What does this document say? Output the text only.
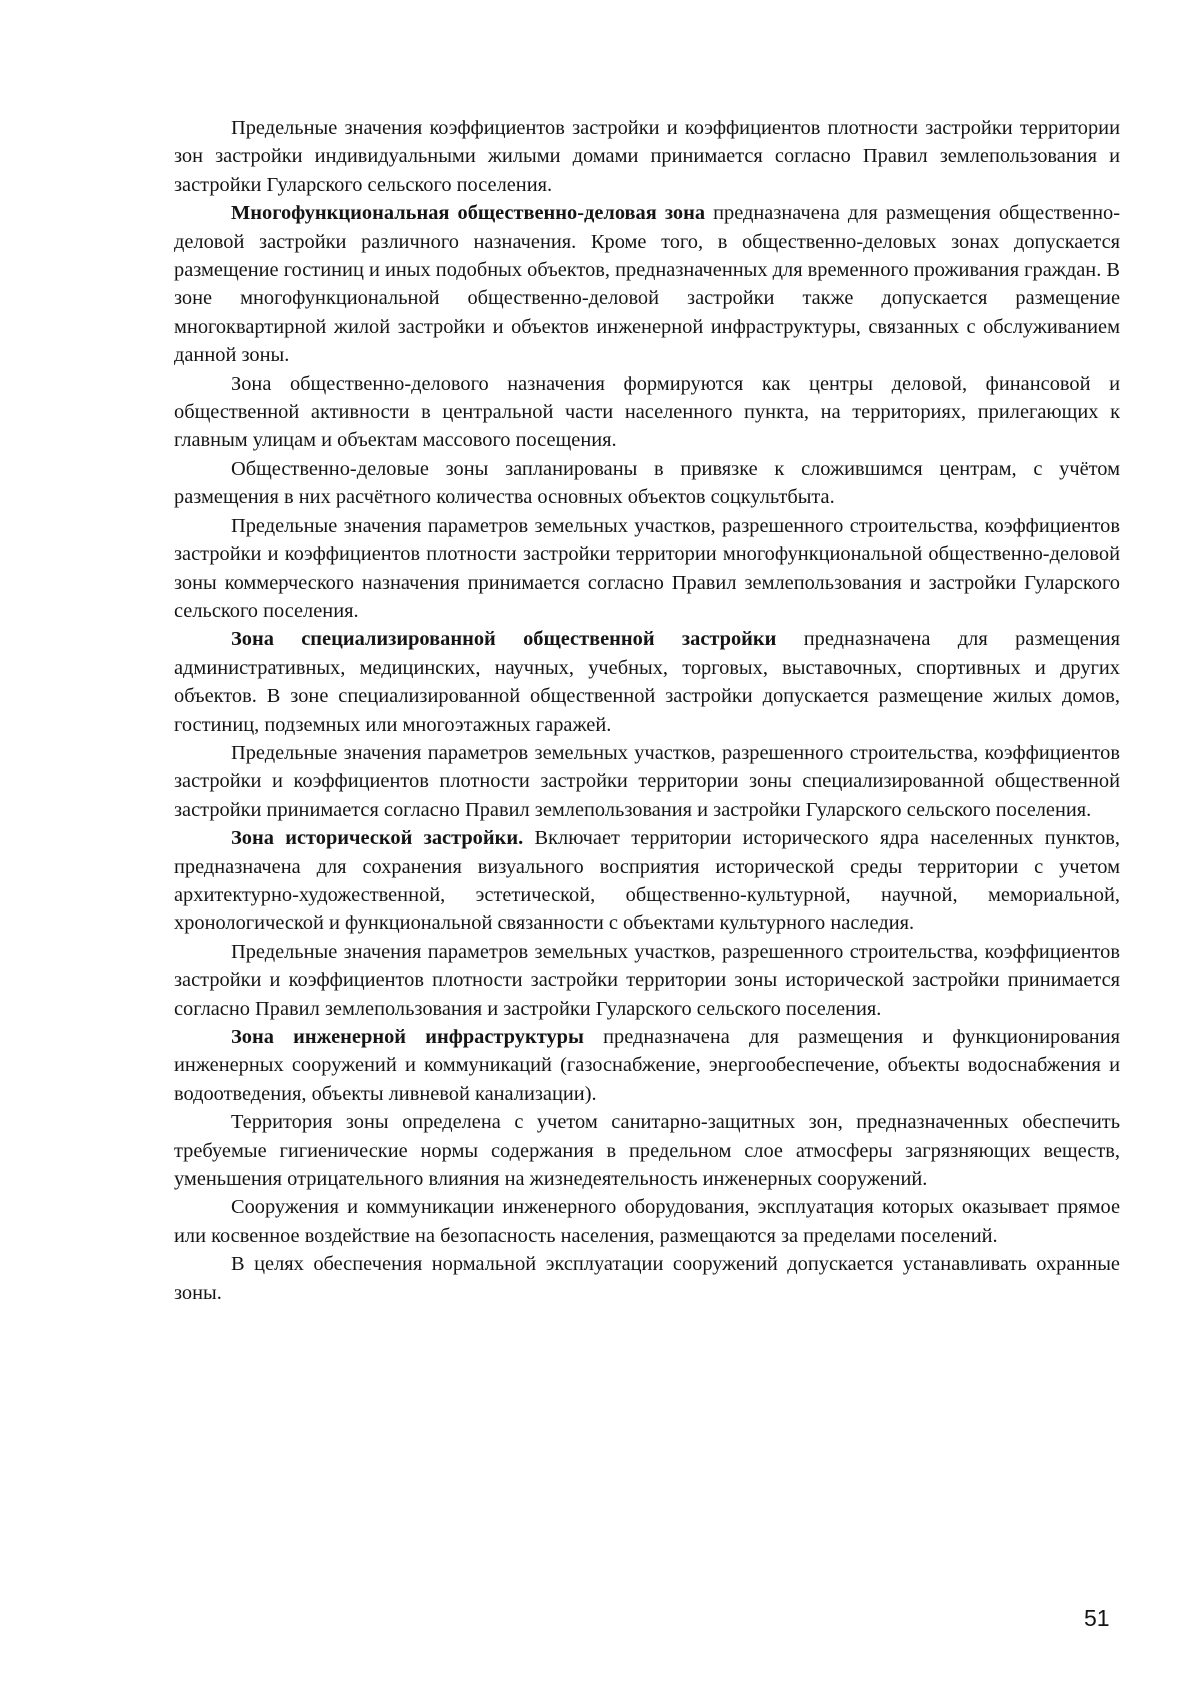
Предельные значения коэффициентов застройки и коэффициентов плотности застройки территории зон застройки индивидуальными жилыми домами принимается согласно Правил землепользования и застройки Гуларского сельского поселения.

Многофункциональная общественно-деловая зона предназначена для размещения общественно-деловой застройки различного назначения. Кроме того, в общественно-деловых зонах допускается размещение гостиниц и иных подобных объектов, предназначенных для временного проживания граждан. В зоне многофункциональной общественно-деловой застройки также допускается размещение многоквартирной жилой застройки и объектов инженерной инфраструктуры, связанных с обслуживанием данной зоны.

Зона общественно-делового назначения формируются как центры деловой, финансовой и общественной активности в центральной части населенного пункта, на территориях, прилегающих к главным улицам и объектам массового посещения.

Общественно-деловые зоны запланированы в привязке к сложившимся центрам, с учётом размещения в них расчётного количества основных объектов соцкультбыта.

Предельные значения параметров земельных участков, разрешенного строительства, коэффициентов застройки и коэффициентов плотности застройки территории многофункциональной общественно-деловой зоны коммерческого назначения принимается согласно Правил землепользования и застройки Гуларского сельского поселения.

Зона специализированной общественной застройки предназначена для размещения административных, медицинских, научных, учебных, торговых, выставочных, спортивных и других объектов. В зоне специализированной общественной застройки допускается размещение жилых домов, гостиниц, подземных или многоэтажных гаражей.

Предельные значения параметров земельных участков, разрешенного строительства, коэффициентов застройки и коэффициентов плотности застройки территории зоны специализированной общественной застройки принимается согласно Правил землепользования и застройки Гуларского сельского поселения.

Зона исторической застройки. Включает территории исторического ядра населенных пунктов, предназначена для сохранения визуального восприятия исторической среды территории с учетом архитектурно-художественной, эстетической, общественно-культурной, научной, мемориальной, хронологической и функциональной связанности с объектами культурного наследия.

Предельные значения параметров земельных участков, разрешенного строительства, коэффициентов застройки и коэффициентов плотности застройки территории зоны исторической застройки принимается согласно Правил землепользования и застройки Гуларского сельского поселения.

Зона инженерной инфраструктуры предназначена для размещения и функционирования инженерных сооружений и коммуникаций (газоснабжение, энергообеспечение, объекты водоснабжения и водоотведения, объекты ливневой канализации).

Территория зоны определена с учетом санитарно-защитных зон, предназначенных обеспечить требуемые гигиенические нормы содержания в предельном слое атмосферы загрязняющих веществ, уменьшения отрицательного влияния на жизнедеятельность инженерных сооружений.

Сооружения и коммуникации инженерного оборудования, эксплуатация которых оказывает прямое или косвенное воздействие на безопасность населения, размещаются за пределами поселений.

В целях обеспечения нормальной эксплуатации сооружений допускается устанавливать охранные зоны.

51
